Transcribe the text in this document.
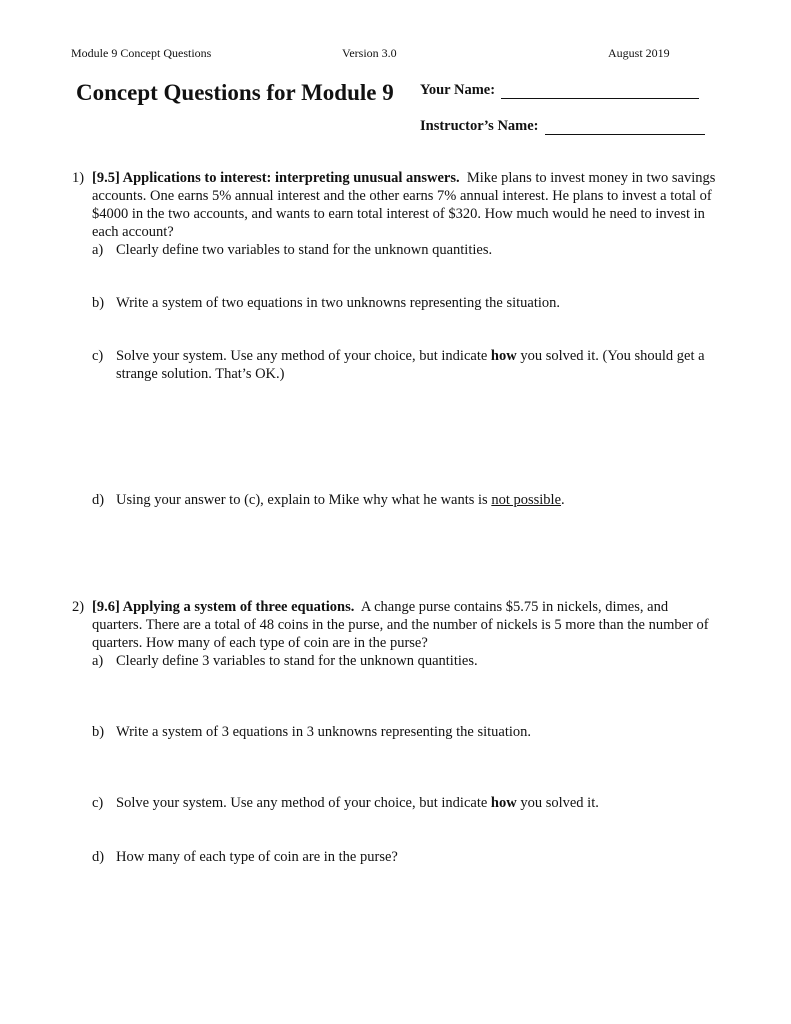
Module 9 Concept Questions	Version 3.0	August 2019
Concept Questions for Module 9 Your Name:
Instructor’s Name:
1) [9.5] Applications to interest: interpreting unusual answers. Mike plans to invest money in two savings accounts. One earns 5% annual interest and the other earns 7% annual interest. He plans to invest a total of $4000 in the two accounts, and wants to earn total interest of $320. How much would he need to invest in each account?
a) Clearly define two variables to stand for the unknown quantities.
b) Write a system of two equations in two unknowns representing the situation.
c) Solve your system. Use any method of your choice, but indicate how you solved it. (You should get a strange solution. That’s OK.)
d) Using your answer to (c), explain to Mike why what he wants is not possible.
2) [9.6] Applying a system of three equations. A change purse contains $5.75 in nickels, dimes, and quarters. There are a total of 48 coins in the purse, and the number of nickels is 5 more than the number of quarters. How many of each type of coin are in the purse?
a) Clearly define 3 variables to stand for the unknown quantities.
b) Write a system of 3 equations in 3 unknowns representing the situation.
c) Solve your system. Use any method of your choice, but indicate how you solved it.
d) How many of each type of coin are in the purse?
